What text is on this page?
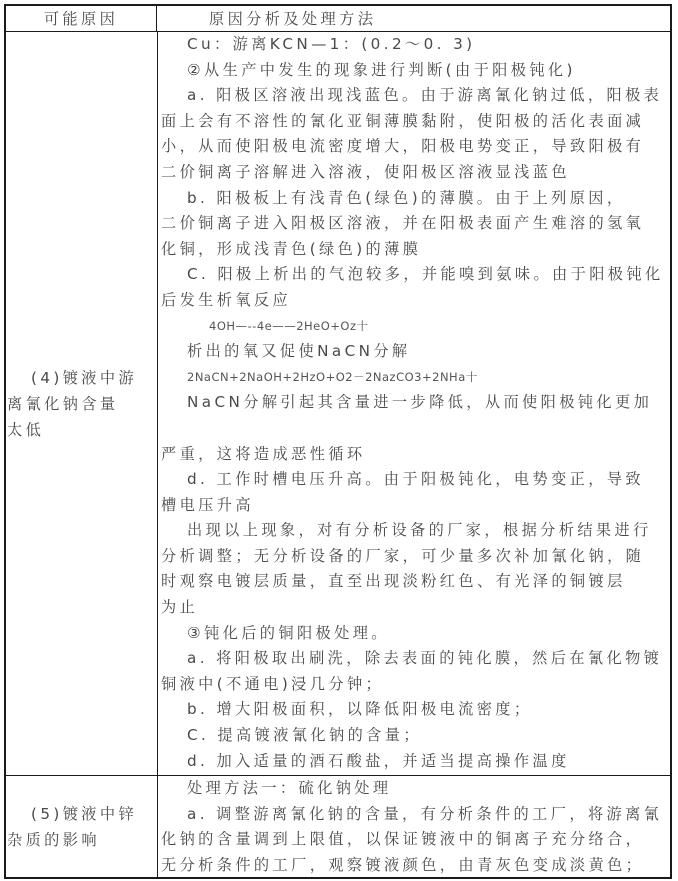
可能原因	原因分析及处理方法
(4)镀液中游
离氰化钠含量
太低
Cu：游离KCN—1：(0.2～0. 3)
②从生产中发生的现象进行判断(由于阳极钝化)
a. 阳极区溶液出现浅蓝色。由于游离氰化钠过低，阳极表
面上会有不溶性的氰化亚铜薄膜黏附，使阳极的活化表面减
小，从而使阳极电流密度增大，阳极电势变正，导致阳极有
二价铜离子溶解进入溶液，使阳极区溶液显浅蓝色
b. 阳极板上有浅青色(绿色)的薄膜。由于上列原因，
二价铜离子进入阳极区溶液，并在阳极表面产生难溶的氢氧
化铜，形成浅青色(绿色)的薄膜
C. 阳极上析出的气泡较多，并能嗅到氨味。由于阳极钝化
后发生析氧反应
4OH—--4e——2HeO+Oz十
析出的氧又促使NaCN分解
2NaCN+2NaOH+2HzO+O2－2NazCO3+2NHa十
NaCN分解引起其含量进一步降低，从而使阳极钝化更加

严重，这将造成恶性循环
d. 工作时槽电压升高。由于阳极钝化，电势变正，导致
槽电压升高
出现以上现象，对有分析设备的厂家，根据分析结果进行
分析调整；无分析设备的厂家，可少量多次补加氰化钠，随
时观察电镀层质量，直至出现淡粉红色、有光泽的铜镀层
为止
③钝化后的铜阳极处理。
a. 将阳极取出刷洗，除去表面的钝化膜，然后在氰化物镀
铜液中(不通电)浸几分钟；
b. 增大阳极面积，以降低阳极电流密度；
C. 提高镀液氰化钠的含量；
d. 加入适量的酒石酸盐，并适当提高操作温度
(5)镀液中锌
杂质的影响
处理方法一：硫化钠处理
a. 调整游离氰化钠的含量，有分析条件的工厂，将游离氰
化钠的含量调到上限值，以保证镀液中的铜离子充分络合，
无分析条件的工厂，观察镀液颜色，由青灰色变成淡黄色；
